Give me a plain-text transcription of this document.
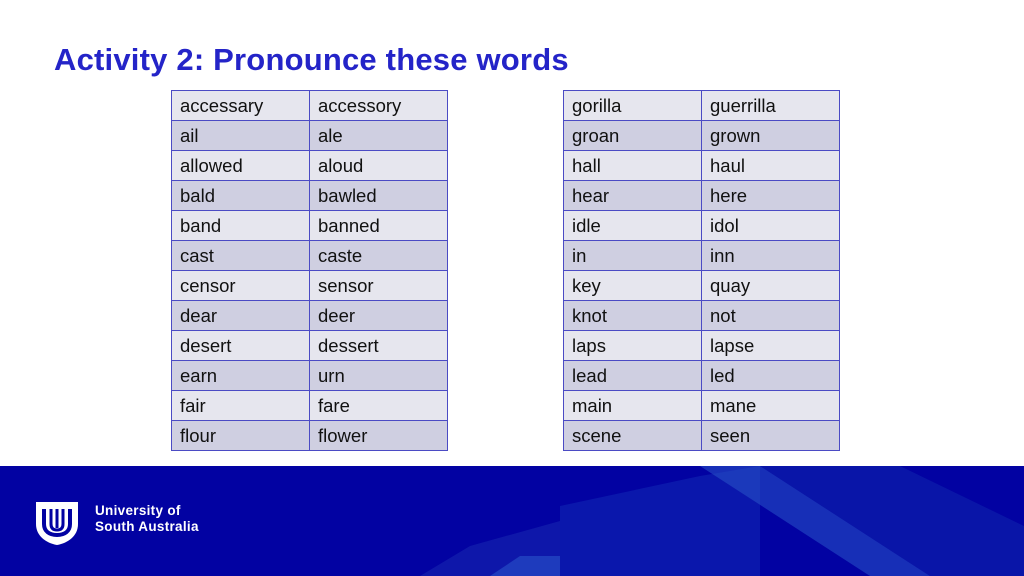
Activity 2: Pronounce these words
accessary	accessory
ail	ale
allowed	aloud
bald	bawled
band	banned
cast	caste
censor	sensor
dear	deer
desert	dessert
earn	urn
fair	fare
flour	flower
gorilla	guerrilla
groan	grown
hall	haul
hear	here
idle	idol
in	inn
key	quay
knot	not
laps	lapse
lead	led
main	mane
scene	seen
University of
South Australia
